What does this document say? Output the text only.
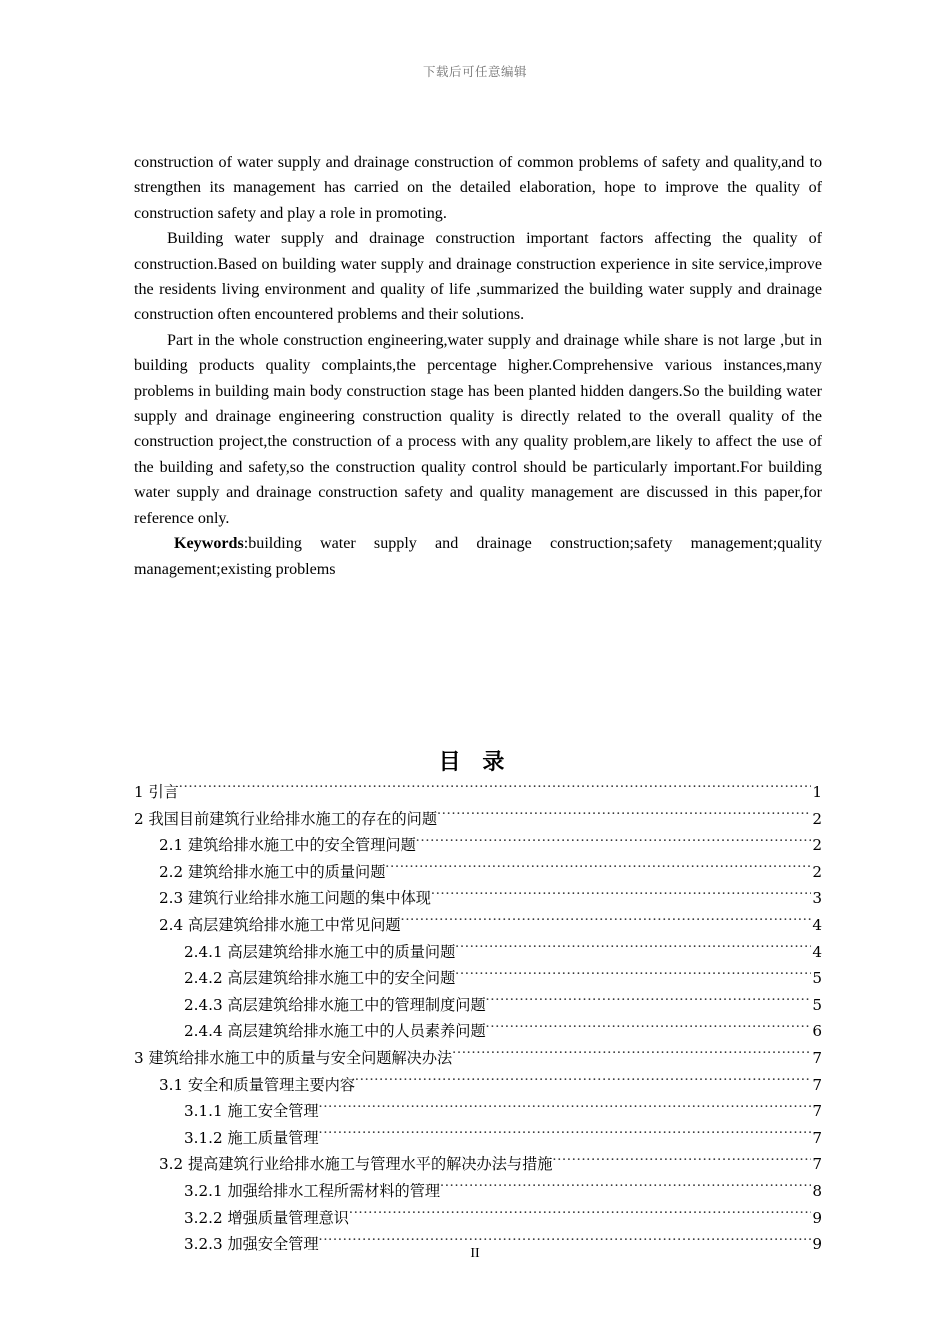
下载后可任意编辑

construction of water supply and drainage construction of common problems of safety and quality,and to strengthen its management has carried on the detailed elaboration, hope to improve the quality of construction safety and play a role in promoting.

Building water supply and drainage construction important factors affecting the quality of construction.Based on building water supply and drainage construction experience in site service,improve the residents living environment and quality of life ,summarized the building water supply and drainage construction often encountered problems and their solutions.

Part in the whole construction engineering,water supply and drainage while share is not large ,but in building products quality complaints,the percentage higher.Comprehensive various instances,many problems in building main body construction stage has been planted hidden dangers.So the building water supply and drainage engineering construction quality is directly related to the overall quality of the construction project,the construction of a process with any quality problem,are likely to affect the use of the building and safety,so the construction quality control should be particularly important.For building water supply and drainage construction safety and quality management are discussed in this paper,for reference only.

Keywords:building water supply and drainage construction;safety management;quality management;existing problems

目 录
1 引言 .....	1
2 我国目前建筑行业给排水施工的存在的问题 .....	2
2.1 建筑给排水施工中的安全管理问题 .....	2
2.2 建筑给排水施工中的质量问题 .....	2
2.3 建筑行业给排水施工问题的集中体现 .....	3
2.4 高层建筑给排水施工中常见问题 .....	4
2.4.1 高层建筑给排水施工中的质量问题 .....	4
2.4.2 高层建筑给排水施工中的安全问题 .....	5
2.4.3 高层建筑给排水施工中的管理制度问题 .....	5
2.4.4 高层建筑给排水施工中的人员素养问题 .....	6
3 建筑给排水施工中的质量与安全问题解决办法 .....	7
3.1 安全和质量管理主要内容 .....	7
3.1.1 施工安全管理 .....	7
3.1.2 施工质量管理 .....	7
3.2 提高建筑行业给排水施工与管理水平的解决办法与措施 .....	7
3.2.1 加强给排水工程所需材料的管理 .....	8
3.2.2 增强质量管理意识 .....	9
3.2.3 加强安全管理 .....	9
II
